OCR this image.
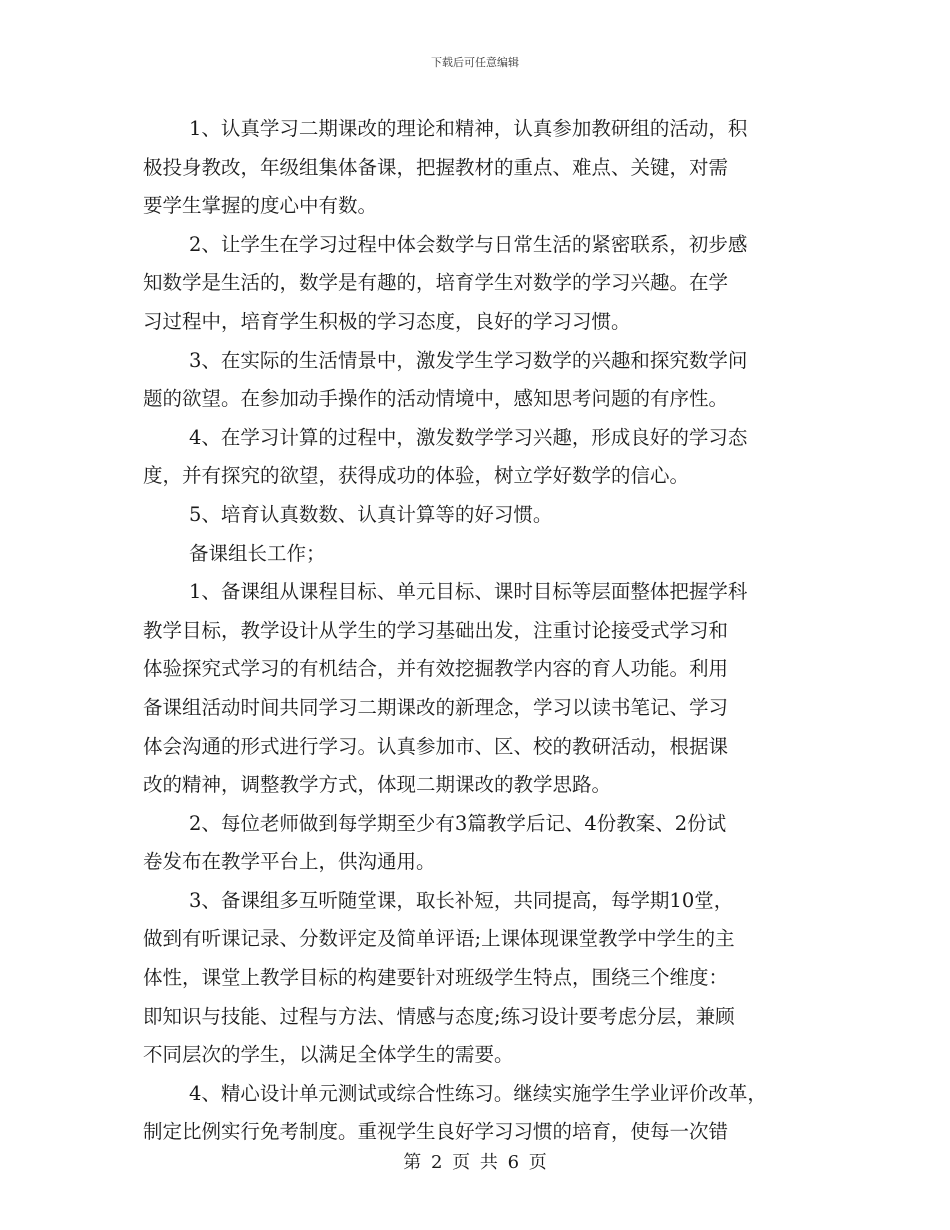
下载后可任意编辑
1、认真学习二期课改的理论和精神，认真参加教研组的活动，积
极投身教改，年级组集体备课，把握教材的重点、难点、关键，对需
要学生掌握的度心中有数。
2、让学生在学习过程中体会数学与日常生活的紧密联系，初步感
知数学是生活的，数学是有趣的，培育学生对数学的学习兴趣。在学
习过程中，培育学生积极的学习态度，良好的学习习惯。
3、在实际的生活情景中，激发学生学习数学的兴趣和探究数学问
题的欲望。在参加动手操作的活动情境中，感知思考问题的有序性。
4、在学习计算的过程中，激发数学学习兴趣，形成良好的学习态
度，并有探究的欲望，获得成功的体验，树立学好数学的信心。
5、培育认真数数、认真计算等的好习惯。
备课组长工作；
1、备课组从课程目标、单元目标、课时目标等层面整体把握学科
教学目标，教学设计从学生的学习基础出发，注重讨论接受式学习和
体验探究式学习的有机结合，并有效挖掘教学内容的育人功能。利用
备课组活动时间共同学习二期课改的新理念，学习以读书笔记、学习
体会沟通的形式进行学习。认真参加市、区、校的教研活动，根据课
改的精神，调整教学方式，体现二期课改的教学思路。
2、每位老师做到每学期至少有3篇教学后记、4份教案、2份试
卷发布在教学平台上，供沟通用。
3、备课组多互听随堂课，取长补短，共同提高，每学期10堂，
做到有听课记录、分数评定及简单评语;上课体现课堂教学中学生的主
体性，课堂上教学目标的构建要针对班级学生特点，围绕三个维度：
即知识与技能、过程与方法、情感与态度;练习设计要考虑分层，兼顾
不同层次的学生，以满足全体学生的需要。
4、精心设计单元测试或综合性练习。继续实施学生学业评价改革，
制定比例实行免考制度。重视学生良好学习习惯的培育，使每一次错
第 2 页 共 6 页
